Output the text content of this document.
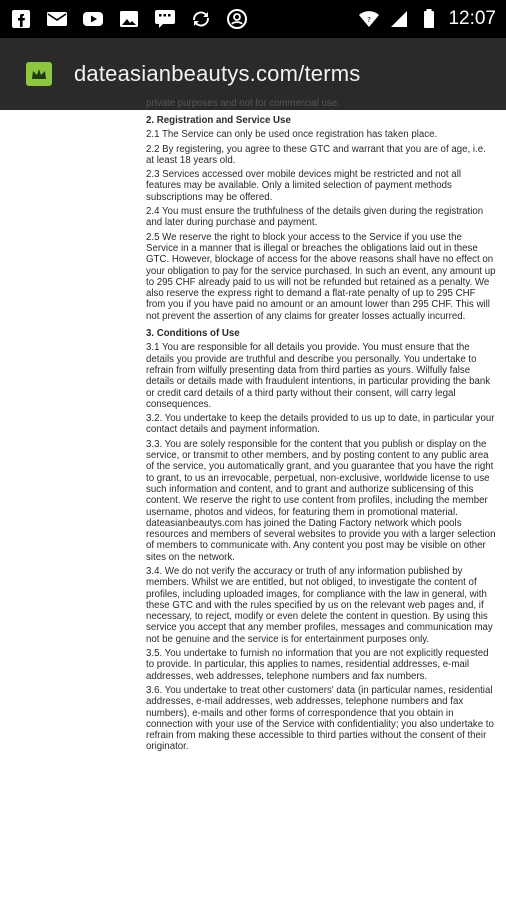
?	12:07
dateasianbeautys.com/terms
private purposes and not for commercial use.
2. Registration and Service Use
2.1 The Service can only be used once registration has taken place.
2.2 By registering, you agree to these GTC and warrant that you are of age, i.e. at least 18 years old.
2.3 Services accessed over mobile devices might be restricted and not all features may be available. Only a limited selection of payment methods subscriptions may be offered.
2.4 You must ensure the truthfulness of the details given during the registration and later during purchase and payment.
2.5 We reserve the right to block your access to the Service if you use the Service in a manner that is illegal or breaches the obligations laid out in these GTC. However, blockage of access for the above reasons shall have no effect on your obligation to pay for the service purchased. In such an event, any amount up to 295 CHF already paid to us will not be refunded but retained as a penalty. We also reserve the express right to demand a flat-rate penalty of up to 295 CHF from you if you have paid no amount or an amount lower than 295 CHF. This will not prevent the assertion of any claims for greater losses actually incurred.
3. Conditions of Use
3.1 You are responsible for all details you provide. You must ensure that the details you provide are truthful and describe you personally. You undertake to refrain from wilfully presenting data from third parties as yours. Wilfully false details or details made with fraudulent intentions, in particular providing the bank or credit card details of a third party without their consent, will carry legal consequences.
3.2. You undertake to keep the details provided to us up to date, in particular your contact details and payment information.
3.3. You are solely responsible for the content that you publish or display on the service, or transmit to other members, and by posting content to any public area of the service, you automatically grant, and you guarantee that you have the right to grant, to us an irrevocable, perpetual, non-exclusive, worldwide license to use such information and content, and to grant and authorize sublicensing of this content. We reserve the right to use content from profiles, including the member username, photos and videos, for featuring them in promotional material. dateasianbeautys.com has joined the Dating Factory network which pools resources and members of several websites to provide you with a larger selection of members to communicate with. Any content you post may be visible on other sites on the network.
3.4. We do not verify the accuracy or truth of any information published by members. Whilst we are entitled, but not obliged, to investigate the content of profiles, including uploaded images, for compliance with the law in general, with these GTC and with the rules specified by us on the relevant web pages and, if necessary, to reject, modify or even delete the content in question. By using this service you accept that any member profiles, messages and communication may not be genuine and the service is for entertainment purposes only.
3.5. You undertake to furnish no information that you are not explicitly requested to provide. In particular, this applies to names, residential addresses, e-mail addresses, web addresses, telephone numbers and fax numbers.
3.6. You undertake to treat other customers' data (in particular names, residential addresses, e-mail addresses, web addresses, telephone numbers and fax numbers), e-mails and other forms of correspondence that you obtain in connection with your use of the Service with confidentiality; you also undertake to refrain from making these accessible to third parties without the consent of their originator.
